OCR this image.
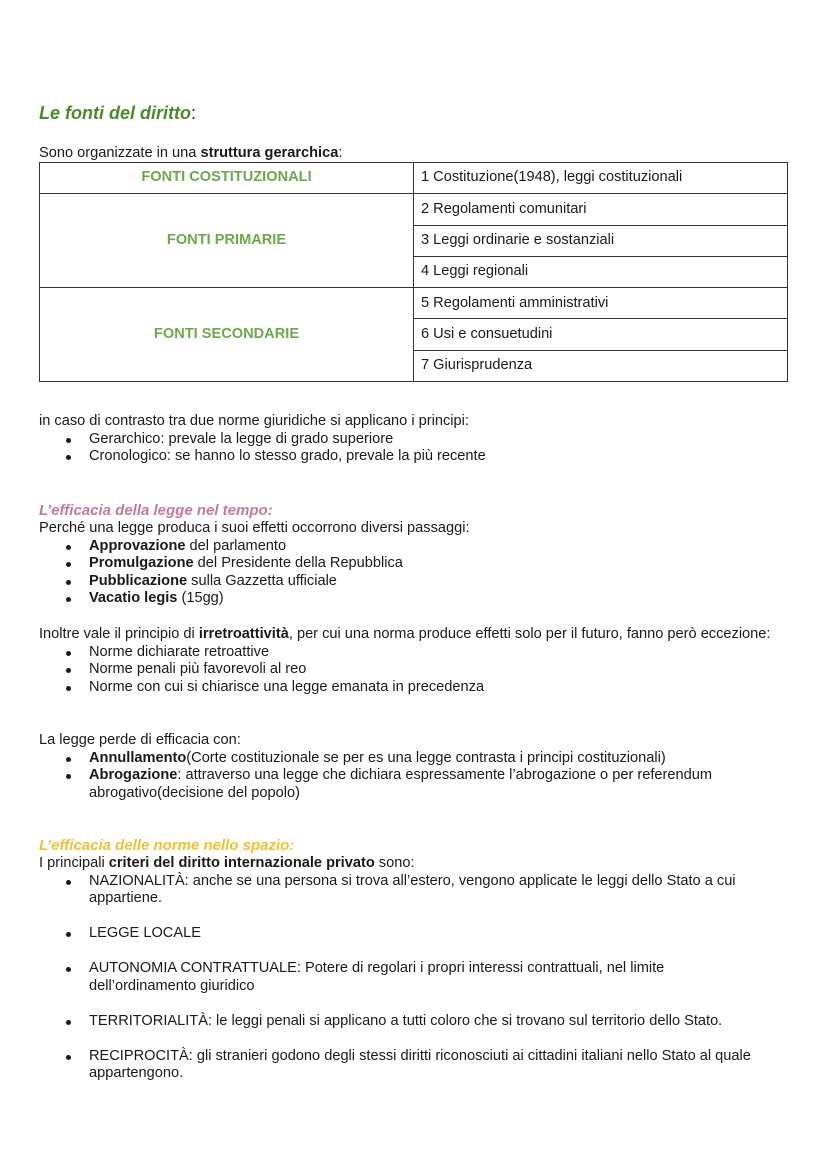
Le fonti del diritto:
Sono organizzate in una struttura gerarchica:
FONTI COSTITUZIONALI	1 Costituzione(1948), leggi costituzionali
FONTI PRIMARIE	2 Regolamenti comunitari
	3 Leggi ordinarie e sostanziali
	4 Leggi regionali
FONTI SECONDARIE	5 Regolamenti amministrativi
	6 Usi e consuetudini
	7 Giurisprudenza

in caso di contrasto tra due norme giuridiche si applicano i principi:

Gerarchico: prevale la legge di grado superiore
Cronologico: se hanno lo stesso grado, prevale la più recente
L’efficacia della legge nel tempo:

Perché una legge produca i suoi effetti occorrono diversi passaggi:

Approvazione del parlamento
Promulgazione del Presidente della Repubblica
Pubblicazione sulla Gazzetta ufficiale
Vacatio legis (15gg)

Inoltre vale il principio di irretroattività, per cui una norma produce effetti solo per il futuro, fanno però eccezione:

Norme dichiarate retroattive
Norme penali più favorevoli al reo
Norme con cui si chiarisce una legge emanata in precedenza

La legge perde di efficacia con:

Annullamento(Corte costituzionale se per es una legge contrasta i principi costituzionali)
Abrogazione: attraverso una legge che dichiara espressamente l’abrogazione o per referendum abrogativo(decisione del popolo)
L’efficacia delle norme nello spazio:

I principali criteri del diritto internazionale privato sono:

NAZIONALITÀ: anche se una persona si trova all’estero, vengono applicate le leggi dello Stato a cui appartiene.
LEGGE LOCALE
AUTONOMIA CONTRATTUALE: Potere di regolari i propri interessi contrattuali, nel limite dell’ordinamento giuridico
TERRITORIALITÀ: le leggi penali si applicano a tutti coloro che si trovano sul territorio dello Stato.
RECIPROCITÀ: gli stranieri godono degli stessi diritti riconosciuti ai cittadini italiani nello Stato al quale appartengono.
